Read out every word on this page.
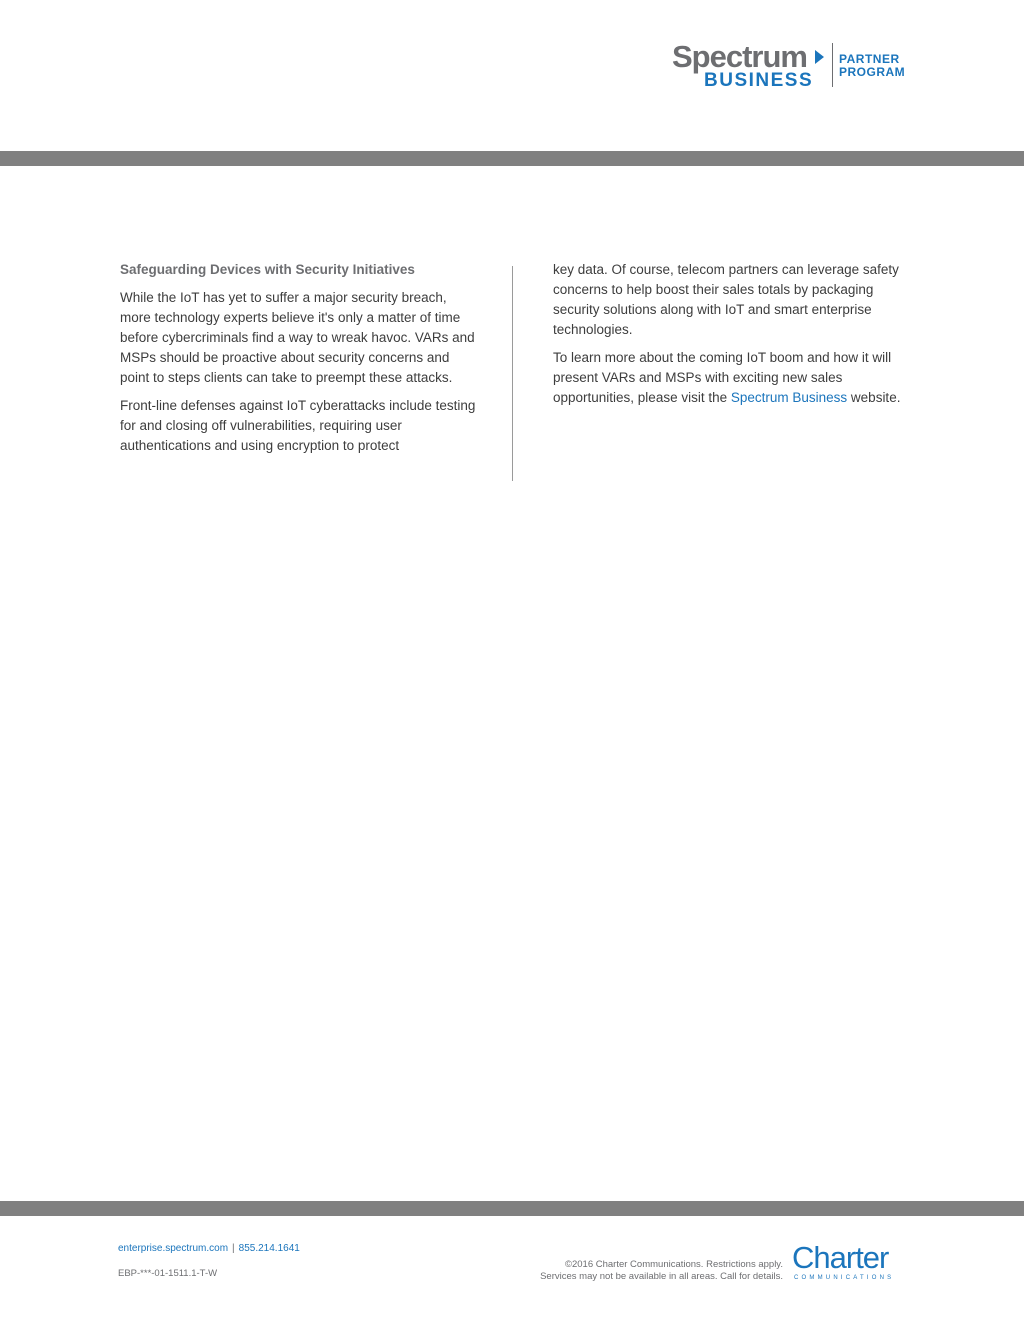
Spectrum
BUSINESS
PARTNER
PROGRAM

Safeguarding Devices with Security Initiatives

While the IoT has yet to suffer a major security breach, more technology experts believe it's only a matter of time before cybercriminals find a way to wreak havoc. VARs and MSPs should be proactive about security concerns and point to steps clients can take to preempt these attacks.

Front-line defenses against IoT cyberattacks include testing for and closing off vulnerabilities, requiring user authentications and using encryption to protect

key data. Of course, telecom partners can leverage safety concerns to help boost their sales totals by packaging security solutions along with IoT and smart enterprise technologies.

To learn more about the coming IoT boom and how it will present VARs and MSPs with exciting new sales opportunities, please visit the Spectrum Business website.

enterprise.spectrum.com | 855.214.1641
EBP-***-01-1511.1-T-W
©2016 Charter Communications. Restrictions apply.
Services may not be available in all areas. Call for details.
Charter
COMMUNICATIONS
